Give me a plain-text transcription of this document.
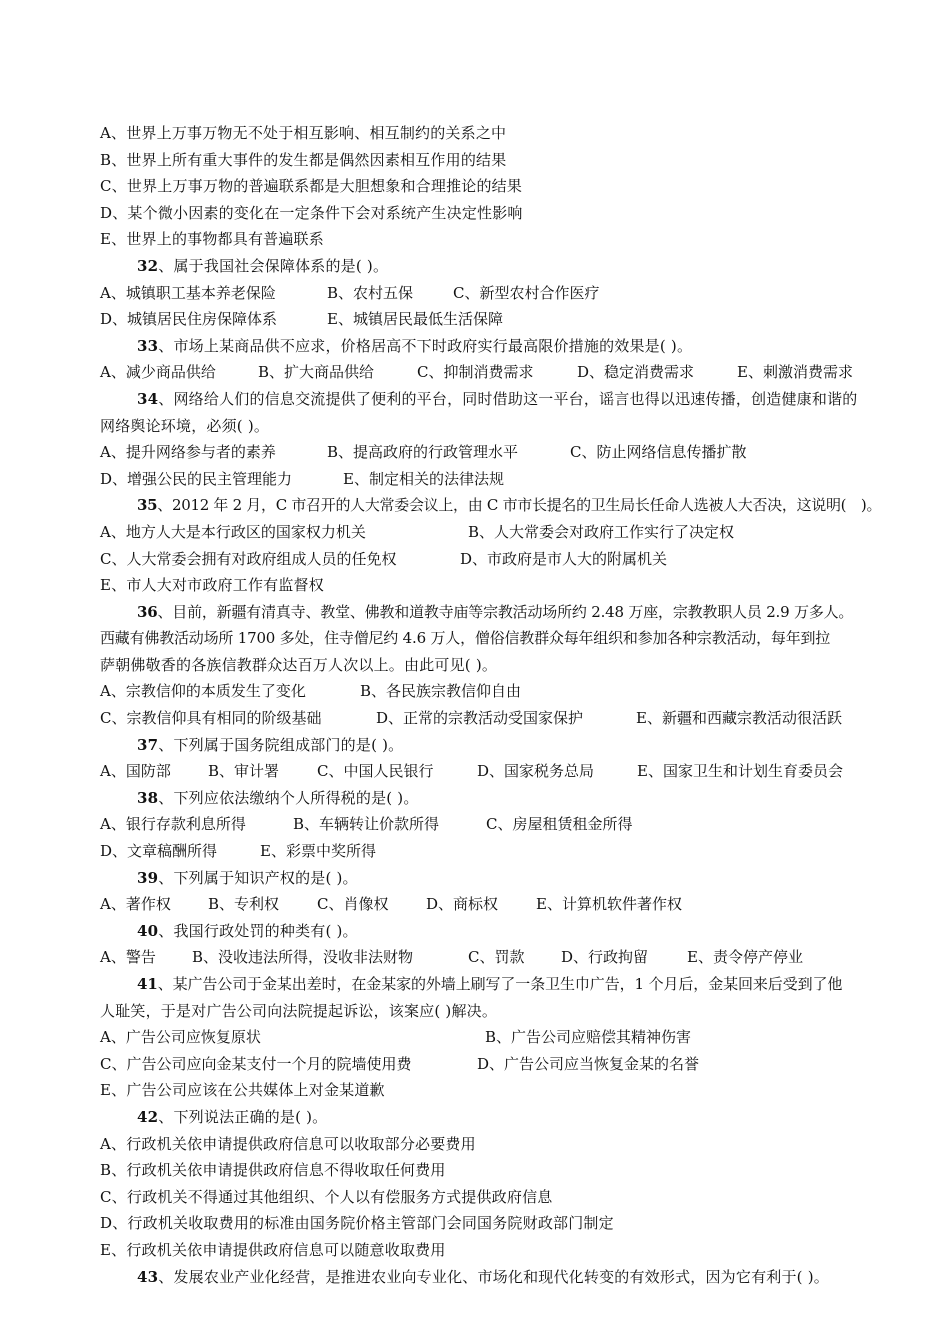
A、世界上万事万物无不处于相互影响、相互制约的关系之中
B、世界上所有重大事件的发生都是偶然因素相互作用的结果
C、世界上万事万物的普遍联系都是大胆想象和合理推论的结果
D、某个微小因素的变化在一定条件下会对系统产生决定性影响
E、世界上的事物都具有普遍联系
32、属于我国社会保障体系的是( )。
A、城镇职工基本养老保险	B、农村五保	C、新型农村合作医疗
D、城镇居民住房保障体系	E、城镇居民最低生活保障
33、市场上某商品供不应求，价格居高不下时政府实行最高限价措施的效果是( )。
A、减少商品供给	B、扩大商品供给	C、抑制消费需求	D、稳定消费需求	E、刺激消费需求
34、网络给人们的信息交流提供了便利的平台，同时借助这一平台，谣言也得以迅速传播，创造健康和谐的
网络舆论环境，必须( )。
A、提升网络参与者的素养	B、提高政府的行政管理水平	C、防止网络信息传播扩散
D、增强公民的民主管理能力	E、制定相关的法律法规
35、2012 年 2 月，C 市召开的人大常委会议上，由 C 市市长提名的卫生局长任命人选被人大否决，这说明(　)。
A、地方人大是本行政区的国家权力机关	B、人大常委会对政府工作实行了决定权
C、人大常委会拥有对政府组成人员的任免权	D、市政府是市人大的附属机关
E、市人大对市政府工作有监督权
36、目前，新疆有清真寺、教堂、佛教和道教寺庙等宗教活动场所约 2.48 万座，宗教教职人员 2.9 万多人。
西藏有佛教活动场所 1700 多处，住寺僧尼约 4.6 万人，僧俗信教群众每年组织和参加各种宗教活动，每年到拉
萨朝佛敬香的各族信教群众达百万人次以上。由此可见( )。
A、宗教信仰的本质发生了变化	B、各民族宗教信仰自由
C、宗教信仰具有相同的阶级基础	D、正常的宗教活动受国家保护	E、新疆和西藏宗教活动很活跃
37、下列属于国务院组成部门的是( )。
A、国防部	B、审计署	C、中国人民银行	D、国家税务总局	E、国家卫生和计划生育委员会
38、下列应依法缴纳个人所得税的是( )。
A、银行存款利息所得	B、车辆转让价款所得	C、房屋租赁租金所得
D、文章稿酬所得	E、彩票中奖所得
39、下列属于知识产权的是( )。
A、著作权	B、专利权	C、肖像权	D、商标权	E、计算机软件著作权
40、我国行政处罚的种类有( )。
A、警告	B、没收违法所得，没收非法财物	C、罚款	D、行政拘留	E、责令停产停业
41、某广告公司于金某出差时，在金某家的外墙上刷写了一条卫生巾广告，1 个月后，金某回来后受到了他
人耻笑，于是对广告公司向法院提起诉讼，该案应( )解决。
A、广告公司应恢复原状	B、广告公司应赔偿其精神伤害
C、广告公司应向金某支付一个月的院墙使用费	D、广告公司应当恢复金某的名誉
E、广告公司应该在公共媒体上对金某道歉
42、下列说法正确的是( )。
A、行政机关依申请提供政府信息可以收取部分必要费用
B、行政机关依申请提供政府信息不得收取任何费用
C、行政机关不得通过其他组织、个人以有偿服务方式提供政府信息
D、行政机关收取费用的标准由国务院价格主管部门会同国务院财政部门制定
E、行政机关依申请提供政府信息可以随意收取费用
43、发展农业产业化经营，是推进农业向专业化、市场化和现代化转变的有效形式，因为它有利于( )。
